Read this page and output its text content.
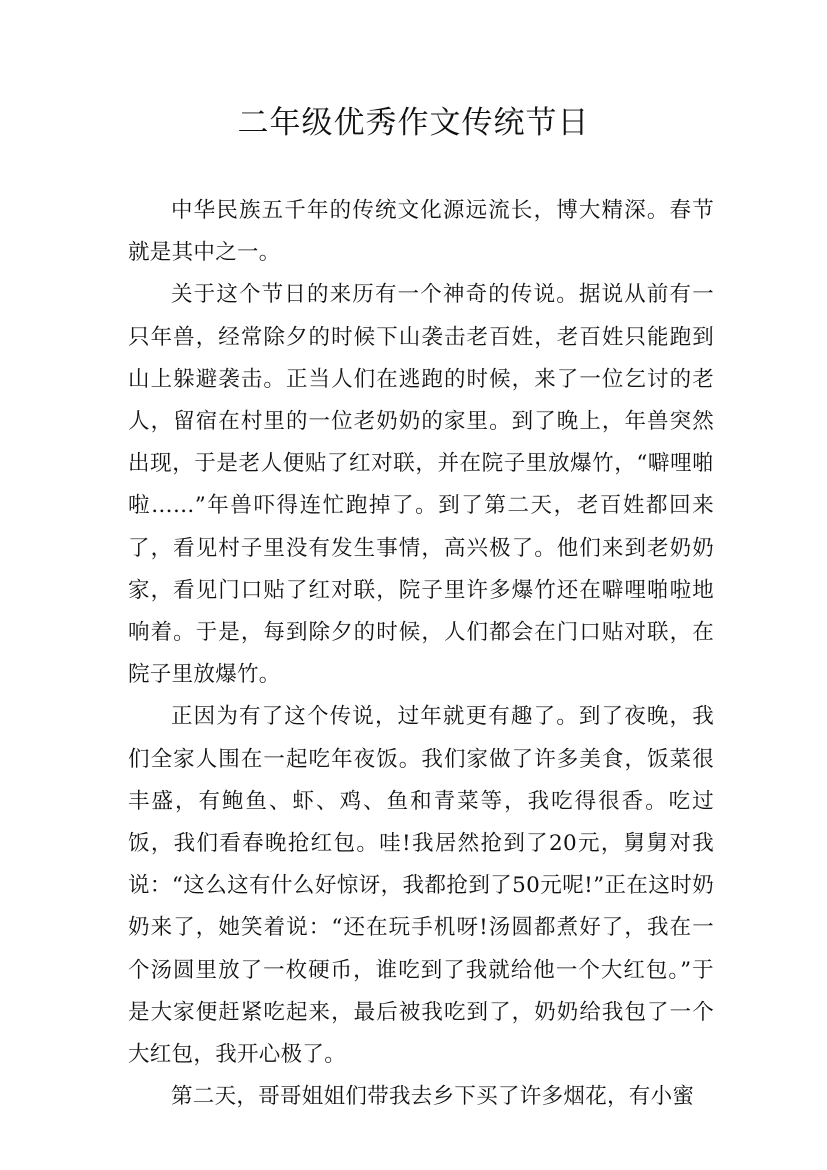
二年级优秀作文传统节日

中华民族五千年的传统文化源远流长，博大精深。春节就是其中之一。

关于这个节日的来历有一个神奇的传说。据说从前有一只年兽，经常除夕的时候下山袭击老百姓，老百姓只能跑到山上躲避袭击。正当人们在逃跑的时候，来了一位乞讨的老人，留宿在村里的一位老奶奶的家里。到了晚上，年兽突然出现，于是老人便贴了红对联，并在院子里放爆竹，“噼哩啪啦……”年兽吓得连忙跑掉了。到了第二天，老百姓都回来了，看见村子里没有发生事情，高兴极了。他们来到老奶奶家，看见门口贴了红对联，院子里许多爆竹还在噼哩啪啦地响着。于是，每到除夕的时候，人们都会在门口贴对联，在院子里放爆竹。

正因为有了这个传说，过年就更有趣了。到了夜晚，我们全家人围在一起吃年夜饭。我们家做了许多美食，饭菜很丰盛，有鲍鱼、虾、鸡、鱼和青菜等，我吃得很香。吃过饭，我们看春晚抢红包。哇!我居然抢到了20元，舅舅对我说：“这么这有什么好惊讶，我都抢到了50元呢!”正在这时奶奶来了，她笑着说：“还在玩手机呀!汤圆都煮好了，我在一个汤圆里放了一枚硬币，谁吃到了我就给他一个大红包。”于是大家便赶紧吃起来，最后被我吃到了，奶奶给我包了一个大红包，我开心极了。

第二天，哥哥姐姐们带我去乡下买了许多烟花，有小蜜
